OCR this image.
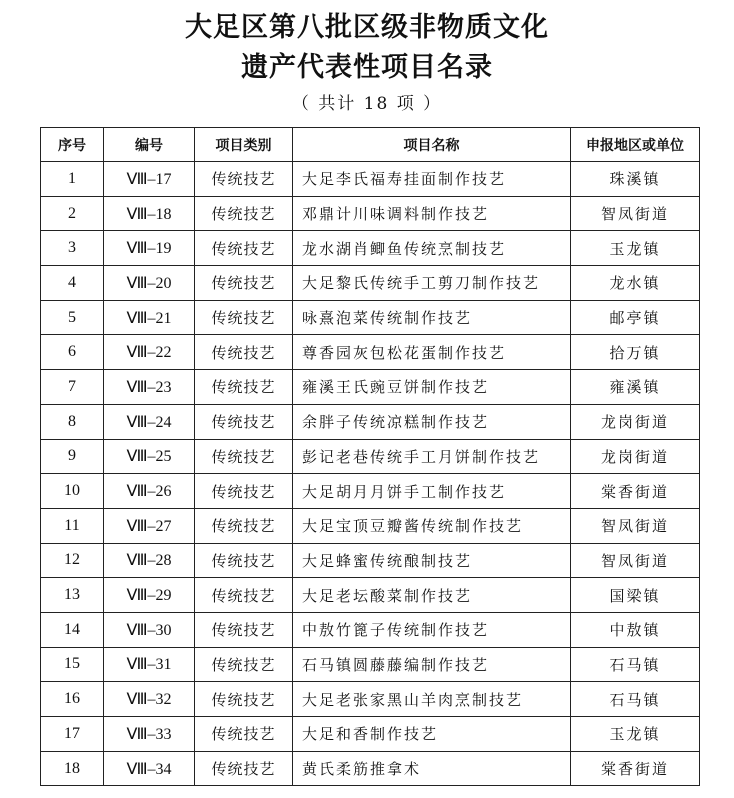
大足区第八批区级非物质文化
遗产代表性项目名录
（ 共计 18 项 ）
序号	编号	项目类别	项目名称	申报地区或单位
1	Ⅷ–17	传统技艺	大足李氏福寿挂面制作技艺	珠溪镇
2	Ⅷ–18	传统技艺	邓鼎计川味调料制作技艺	智凤街道
3	Ⅷ–19	传统技艺	龙水湖肖鲫鱼传统烹制技艺	玉龙镇
4	Ⅷ–20	传统技艺	大足黎氏传统手工剪刀制作技艺	龙水镇
5	Ⅷ–21	传统技艺	咏熹泡菜传统制作技艺	邮亭镇
6	Ⅷ–22	传统技艺	尊香园灰包松花蛋制作技艺	拾万镇
7	Ⅷ–23	传统技艺	雍溪王氏豌豆饼制作技艺	雍溪镇
8	Ⅷ–24	传统技艺	余胖子传统凉糕制作技艺	龙岗街道
9	Ⅷ–25	传统技艺	彭记老巷传统手工月饼制作技艺	龙岗街道
10	Ⅷ–26	传统技艺	大足胡月月饼手工制作技艺	棠香街道
11	Ⅷ–27	传统技艺	大足宝顶豆瓣酱传统制作技艺	智凤街道
12	Ⅷ–28	传统技艺	大足蜂蜜传统酿制技艺	智凤街道
13	Ⅷ–29	传统技艺	大足老坛酸菜制作技艺	国梁镇
14	Ⅷ–30	传统技艺	中敖竹篦子传统制作技艺	中敖镇
15	Ⅷ–31	传统技艺	石马镇圆藤藤编制作技艺	石马镇
16	Ⅷ–32	传统技艺	大足老张家黑山羊肉烹制技艺	石马镇
17	Ⅷ–33	传统技艺	大足和香制作技艺	玉龙镇
18	Ⅷ–34	传统技艺	黄氏柔筋推拿术	棠香街道
